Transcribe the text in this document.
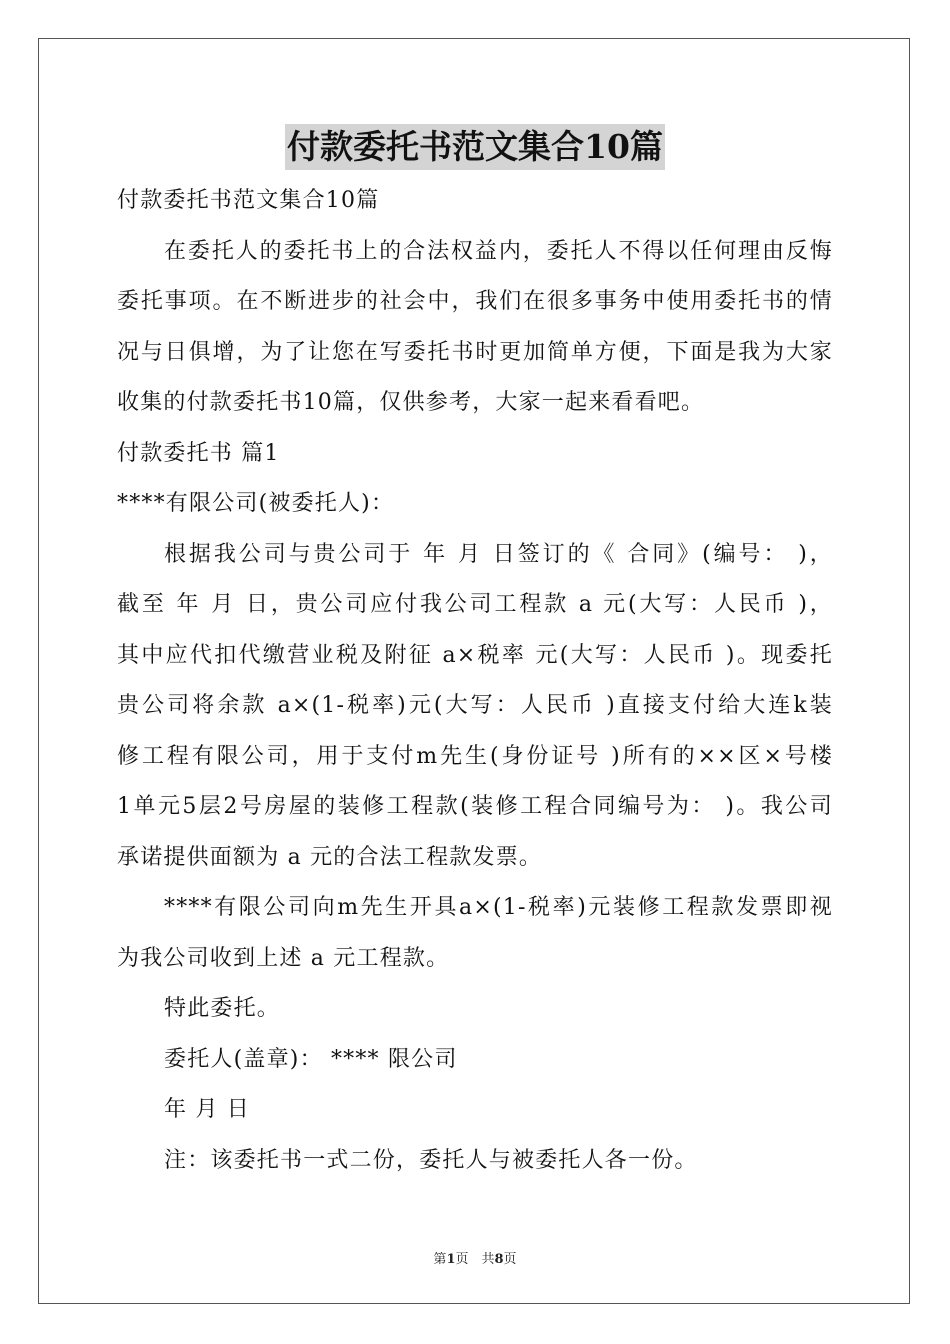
付款委托书范文集合10篇
付款委托书范文集合10篇
在委托人的委托书上的合法权益内，委托人不得以任何理由反悔
委托事项。在不断进步的社会中，我们在很多事务中使用委托书的情
况与日俱增，为了让您在写委托书时更加简单方便，下面是我为大家
收集的付款委托书10篇，仅供参考，大家一起来看看吧。
付款委托书 篇1
****有限公司(被委托人)：
根据我公司与贵公司于 年 月 日签订的《 合同》(编号： )，
截至 年 月 日，贵公司应付我公司工程款 a 元(大写：人民币 )，
其中应代扣代缴营业税及附征 a×税率 元(大写：人民币 )。现委托
贵公司将余款 a×(1-税率)元(大写：人民币 )直接支付给大连k装
修工程有限公司，用于支付m先生(身份证号 )所有的××区×号楼
1单元5层2号房屋的装修工程款(装修工程合同编号为： )。我公司
承诺提供面额为 a 元的合法工程款发票。
****有限公司向m先生开具a×(1-税率)元装修工程款发票即视
为我公司收到上述 a 元工程款。
特此委托。
委托人(盖章)： **** 限公司
年 月 日
注：该委托书一式二份，委托人与被委托人各一份。
第1页　共8页
